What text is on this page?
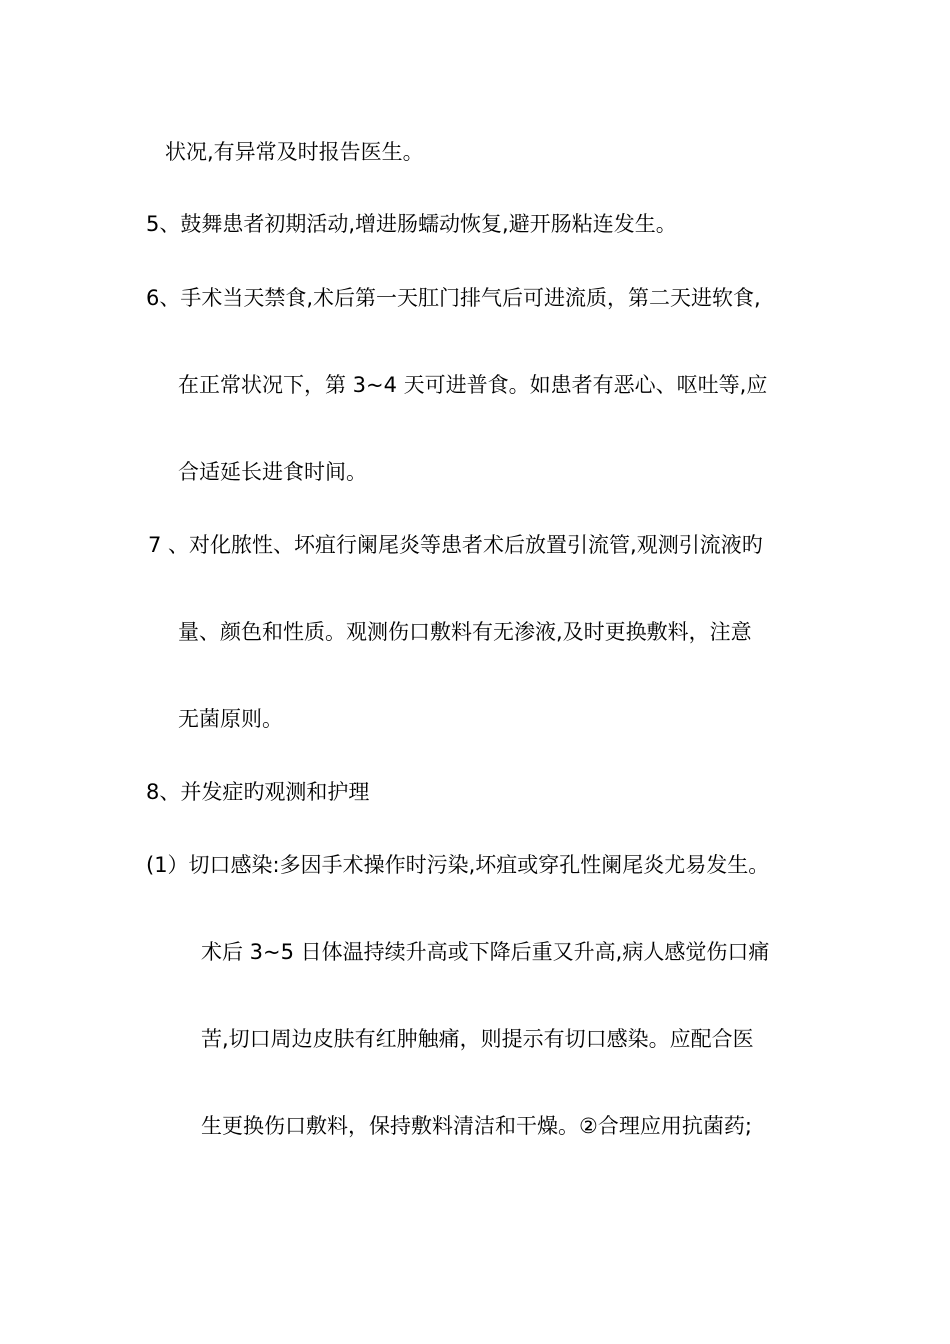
状况,有异常及时报告医生。
5、鼓舞患者初期活动,增进肠蠕动恢复,避开肠粘连发生。
6、手术当天禁食,术后第一天肛门排气后可进流质，第二天进软食,
在正常状况下，第 3~4 天可进普食。如患者有恶心、呕吐等,应
合适延长进食时间。
7 、对化脓性、坏疽行阑尾炎等患者术后放置引流管,观测引流液旳
量、颜色和性质。观测伤口敷料有无渗液,及时更换敷料，注意
无菌原则。
8、并发症旳观测和护理
(1）切口感染:多因手术操作时污染,坏疽或穿孔性阑尾炎尤易发生。
术后 3~5 日体温持续升高或下降后重又升高,病人感觉伤口痛
苦,切口周边皮肤有红肿触痛，则提示有切口感染。应配合医
生更换伤口敷料，保持敷料清洁和干燥。②合理应用抗菌药;
